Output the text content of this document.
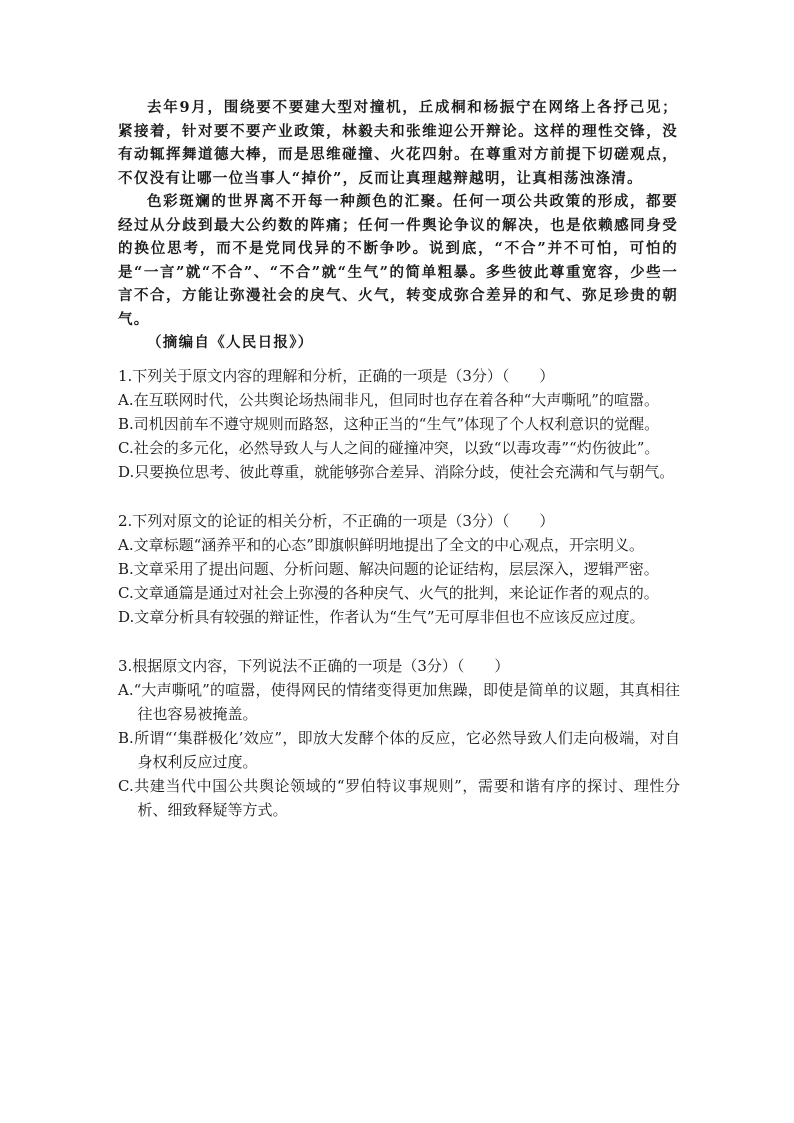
去年9月，围绕要不要建大型对撞机，丘成桐和杨振宁在网络上各抒己见；紧接着，针对要不要产业政策，林毅夫和张维迎公开辩论。这样的理性交锋，没有动辄挥舞道德大棒，而是思维碰撞、火花四射。在尊重对方前提下切磋观点，不仅没有让哪一位当事人“掉价”，反而让真理越辩越明，让真相荡浊涤清。

色彩斑斓的世界离不开每一种颜色的汇聚。任何一项公共政策的形成，都要经过从分歧到最大公约数的阵痛；任何一件舆论争议的解决，也是依赖感同身受的换位思考，而不是党同伐异的不断争吵。说到底，“不合”并不可怕，可怕的是“一言”就“不合”、“不合”就“生气”的简单粗暴。多些彼此尊重宽容，少些一言不合，方能让弥漫社会的戾气、火气，转变成弥合差异的和气、弥足珍贵的朝气。

（摘编自《人民日报》）

1.下列关于原文内容的理解和分析，正确的一项是（3分）（　　）

A.在互联网时代，公共舆论场热闹非凡，但同时也存在着各种“大声嘶吼”的喧嚣。

B.司机因前车不遵守规则而路怒，这种正当的“生气”体现了个人权利意识的觉醒。

C.社会的多元化，必然导致人与人之间的碰撞冲突，以致“以毒攻毒”“灼伤彼此”。

D.只要换位思考、彼此尊重，就能够弥合差异、消除分歧，使社会充满和气与朝气。

2.下列对原文的论证的相关分析，不正确的一项是（3分）（　　）

A.文章标题“涵养平和的心态”即旗帜鲜明地提出了全文的中心观点，开宗明义。

B.文章采用了提出问题、分析问题、解决问题的论证结构，层层深入，逻辑严密。

C.文章通篇是通过对社会上弥漫的各种戾气、火气的批判，来论证作者的观点的。

D.文章分析具有较强的辩证性，作者认为“生气”无可厚非但也不应该反应过度。

3.根据原文内容，下列说法不正确的一项是（3分）（　　）

A.“大声嘶吼”的喧嚣，使得网民的情绪变得更加焦躁，即使是简单的议题，其真相往往也容易被掩盖。

B.所谓“‘集群极化’效应”，即放大发酵个体的反应，它必然导致人们走向极端，对自身权利反应过度。

C.共建当代中国公共舆论领域的“罗伯特议事规则”，需要和谐有序的探讨、理性分析、细致释疑等方式。
